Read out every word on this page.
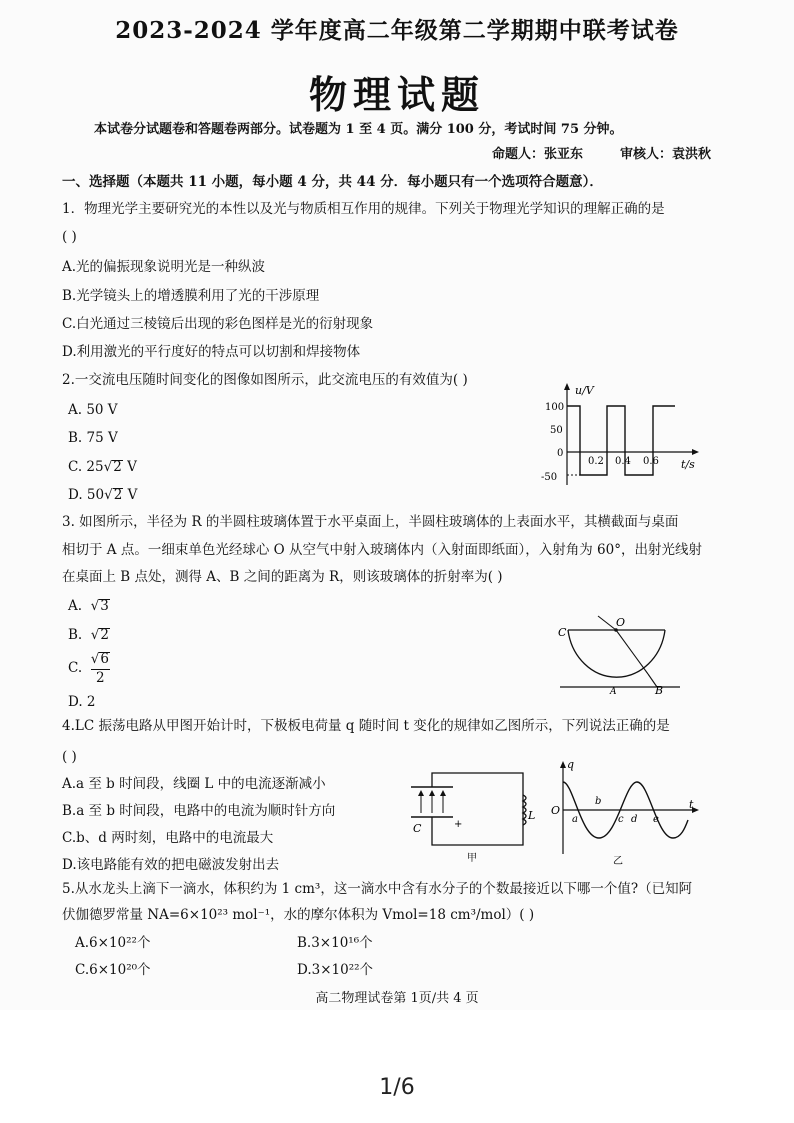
2023-2024 学年度高二年级第二学期期中联考试卷
物理试题
本试卷分试题卷和答题卷两部分。试卷题为 1 至 4 页。满分 100 分，考试时间 75 分钟。
命题人：张亚东	审核人：袁洪秋
一、选择题（本题共 11 小题，每小题 4 分，共 44 分．每小题只有一个选项符合题意）．
1．物理光学主要研究光的本性以及光与物质相互作用的规律。下列关于物理光学知识的理解正确的是
( )
A.光的偏振现象说明光是一种纵波
B.光学镜头上的增透膜利用了光的干涉原理
C.白光通过三棱镜后出现的彩色图样是光的衍射现象
D.利用激光的平行度好的特点可以切割和焊接物体
2.一交流电压随时间变化的图像如图所示，此交流电压的有效值为( )
A. 50 V
B. 75 V
C. 25√2 V
D. 50√2 V
u/V
t/s
100
50
0
-50
0.2 0.4 0.6
3. 如图所示，半径为 R 的半圆柱玻璃体置于水平桌面上，半圆柱玻璃体的上表面水平，其横截面与桌面
相切于 A 点。一细束单色光经球心 O 从空气中射入玻璃体内（入射面即纸面），入射角为 60°，出射光线射
在桌面上 B 点处，测得 A、B 之间的距离为 R，则该玻璃体的折射率为( )
A.  √3
B.  √2
C. $\frac{√6}{2}$
D. 2
C
O
A	B
4.LC 振荡电路从甲图开始计时，下极板电荷量 q 随时间 t 变化的规律如乙图所示，下列说法正确的是
( )
A.a 至 b 时间段，线圈 L 中的电流逐渐减小
B.a 至 b 时间段，电路中的电流为顺时针方向
C.b、d 两时刻，电路中的电流最大
D.该电路能有效的把电磁波发射出去
C	+
L
甲
q
t
O
a
b
c d e
乙
5.从水龙头上滴下一滴水，体积约为 1 cm³，这一滴水中含有水分子的个数最接近以下哪一个值?（已知阿
伏伽德罗常量 NA=6×10²³ mol⁻¹，水的摩尔体积为 Vmol=18 cm³/mol）( )
A.6×10²²个	B.3×10¹⁶个
C.6×10²⁰个	D.3×10²²个
高二物理试卷第 1页/共 4 页
1/6
